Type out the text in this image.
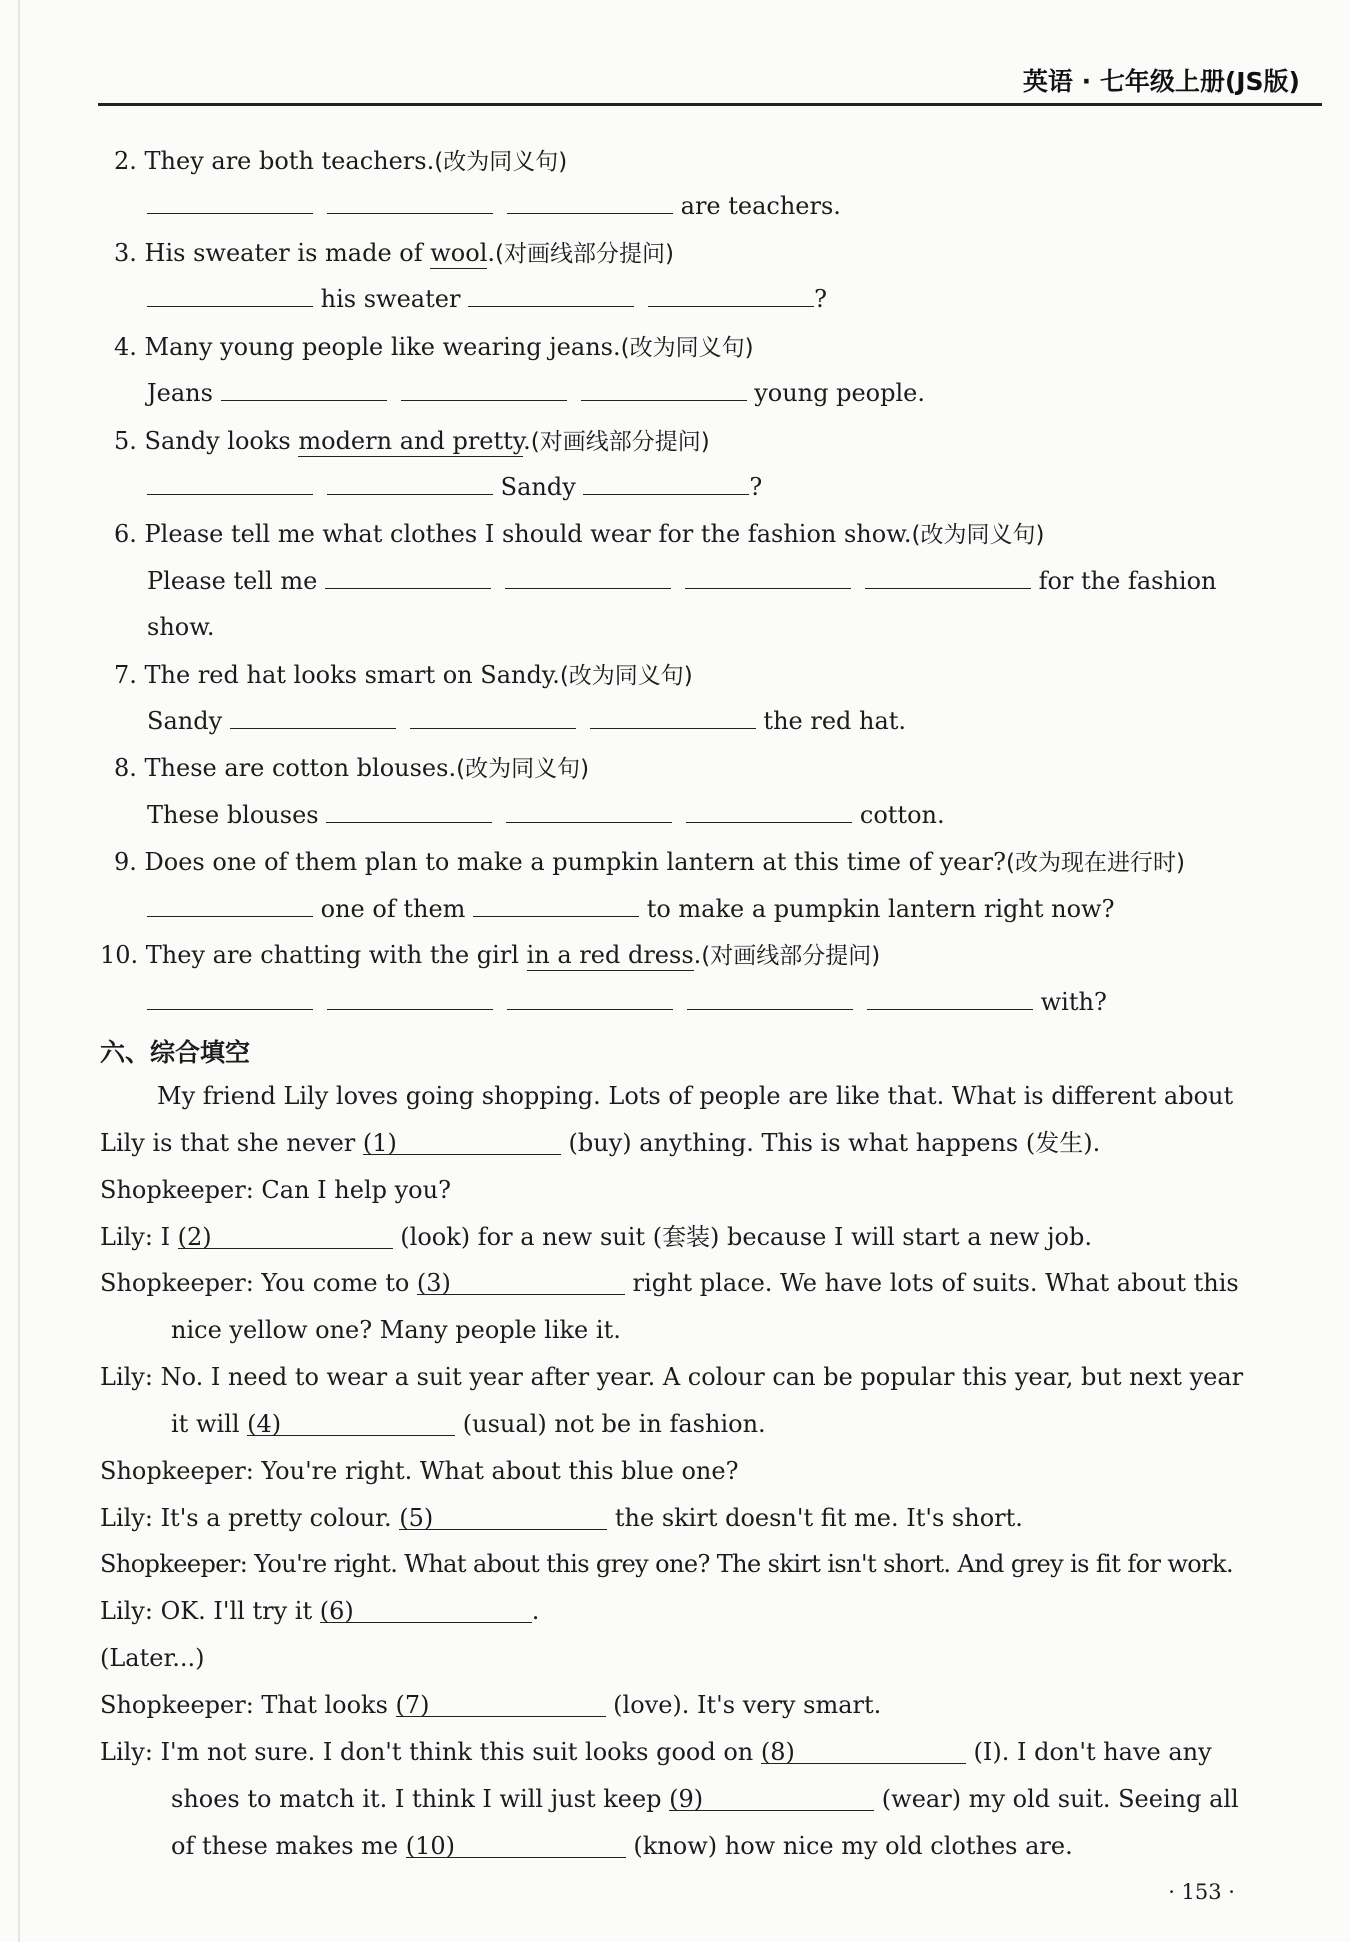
英语 · 七年级上册(JS版)
2. They are both teachers.(改为同义句)
are teachers.
3. His sweater is made of wool.(对画线部分提问)
his sweater	?
4. Many young people like wearing jeans.(改为同义句)
Jeans	young people.
5. Sandy looks modern and pretty.(对画线部分提问)
Sandy	?
6. Please tell me what clothes I should wear for the fashion show.(改为同义句)
Please tell me	for the fashion
show.
7. The red hat looks smart on Sandy.(改为同义句)
Sandy	the red hat.
8. These are cotton blouses.(改为同义句)
These blouses	cotton.
9. Does one of them plan to make a pumpkin lantern at this time of year?(改为现在进行时)
one of them	to make a pumpkin lantern right now?
10. They are chatting with the girl in a red dress.(对画线部分提问)
with?
六、综合填空
My friend Lily loves going shopping. Lots of people are like that. What is different about
Lily is that she never (1)	(buy) anything. This is what happens (发生).
Shopkeeper: Can I help you?
Lily: I (2)	(look) for a new suit (套装) because I will start a new job.
Shopkeeper: You come to (3)	right place. We have lots of suits. What about this
nice yellow one? Many people like it.
Lily: No. I need to wear a suit year after year. A colour can be popular this year, but next year
it will (4)	(usual) not be in fashion.
Shopkeeper: You're right. What about this blue one?
Lily: It's a pretty colour. (5)	the skirt doesn't fit me. It's short.
Shopkeeper: You're right. What about this grey one? The skirt isn't short. And grey is fit for work.
Lily: OK. I'll try it (6)	.
(Later...)
Shopkeeper: That looks (7)	(love). It's very smart.
Lily: I'm not sure. I don't think this suit looks good on (8)	(I). I don't have any
shoes to match it. I think I will just keep (9)	(wear) my old suit. Seeing all
of these makes me (10)	(know) how nice my old clothes are.
· 153 ·
